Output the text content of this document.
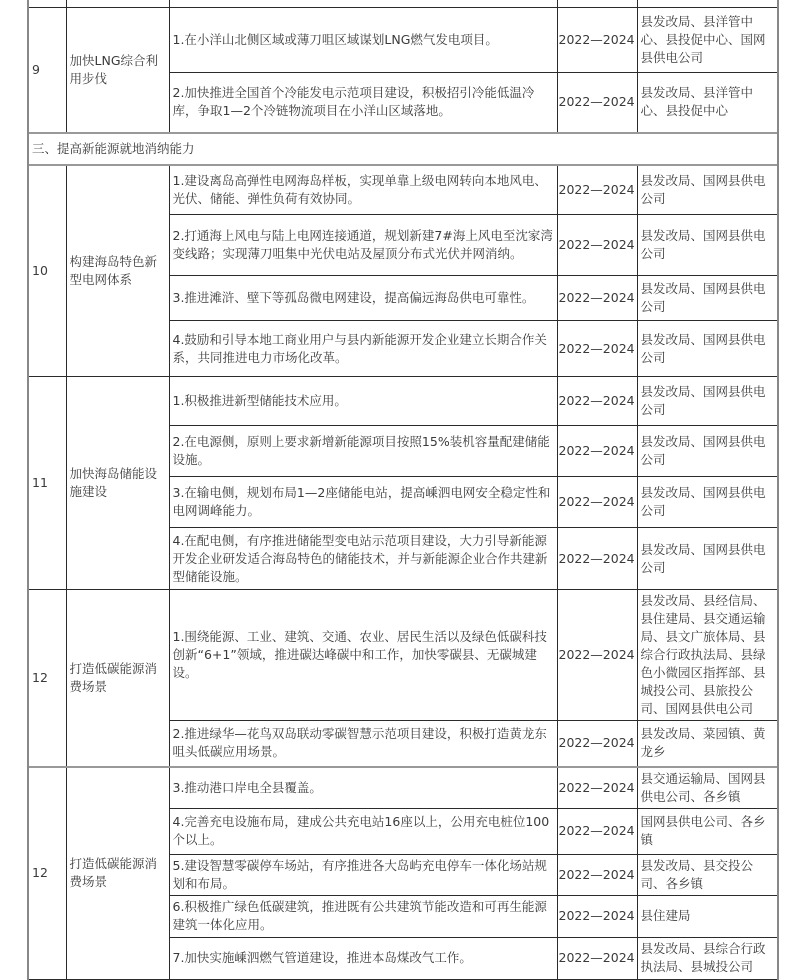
9	加快LNG综合利用步伐	1.在小洋山北侧区域或薄刀咀区域谋划LNG燃气发电项目。	2022—2024	县发改局、县洋管中心、县投促中心、国网县供电公司
		2.加快推进全国首个冷能发电示范项目建设，积极招引冷能低温冷库，争取1—2个冷链物流项目在小洋山区域落地。	2022—2024	县发改局、县洋管中心、县投促中心
三、提高新能源就地消纳能力				
10	构建海岛特色新型电网体系	1.建设离岛高弹性电网海岛样板，实现单靠上级电网转向本地风电、光伏、储能、弹性负荷有效协同。	2022—2024	县发改局、国网县供电公司
		2.打通海上风电与陆上电网连接通道，规划新建7#海上风电至沈家湾变线路；实现薄刀咀集中光伏电站及屋顶分布式光伏并网消纳。	2022—2024	县发改局、国网县供电公司
		3.推进滩浒、壁下等孤岛微电网建设，提高偏远海岛供电可靠性。	2022—2024	县发改局、国网县供电公司
		4.鼓励和引导本地工商业用户与县内新能源开发企业建立长期合作关系，共同推进电力市场化改革。	2022—2024	县发改局、国网县供电公司
11	加快海岛储能设施建设	1.积极推进新型储能技术应用。	2022—2024	县发改局、国网县供电公司
		2.在电源侧，原则上要求新增新能源项目按照15%装机容量配建储能设施。	2022—2024	县发改局、国网县供电公司
		3.在输电侧，规划布局1—2座储能电站，提高嵊泗电网安全稳定性和电网调峰能力。	2022—2024	县发改局、国网县供电公司
		4.在配电侧，有序推进储能型变电站示范项目建设，大力引导新能源开发企业研发适合海岛特色的储能技术，并与新能源企业合作共建新型储能设施。	2022—2024	县发改局、国网县供电公司
12	打造低碳能源消费场景	1.围绕能源、工业、建筑、交通、农业、居民生活以及绿色低碳科技创新“6+1”领域，推进碳达峰碳中和工作，加快零碳县、无碳城建设。	2022—2024	县发改局、县经信局、县住建局、县交通运输局、县文广旅体局、县综合行政执法局、县绿色小微园区指挥部、县城投公司、县旅投公司、国网县供电公司
		2.推进绿华—花鸟双岛联动零碳智慧示范项目建设，积极打造黄龙东咀头低碳应用场景。	2022—2024	县发改局、菜园镇、黄龙乡
12	打造低碳能源消费场景	3.推动港口岸电全县覆盖。	2022—2024	县交通运输局、国网县供电公司、各乡镇
		4.完善充电设施布局，建成公共充电站16座以上，公用充电桩位100个以上。	2022—2024	国网县供电公司、各乡镇
		5.建设智慧零碳停车场站，有序推进各大岛屿充电停车一体化场站规划和布局。	2022—2024	县发改局、县交投公司、各乡镇
		6.积极推广绿色低碳建筑，推进既有公共建筑节能改造和可再生能源建筑一体化应用。	2022—2024	县住建局
		7.加快实施嵊泗燃气管道建设，推进本岛煤改气工作。	2022—2024	县发改局、县综合行政执法局、县城投公司
